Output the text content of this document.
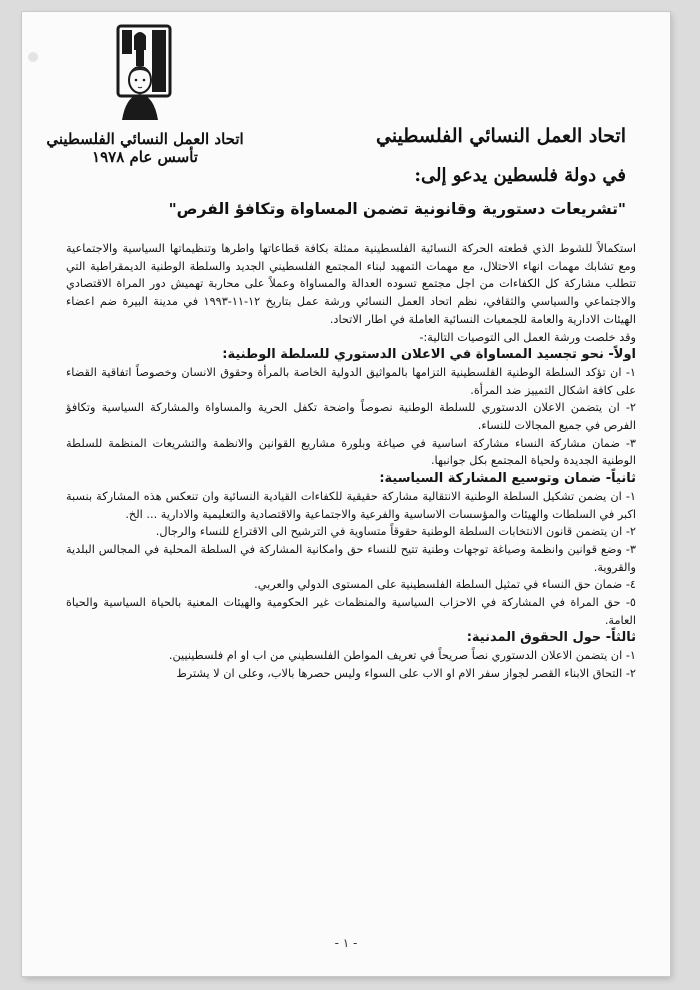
اتحاد العمل النسائي الفلسطيني
تأسس عام ١٩٧٨
اتحاد العمل النسائي الفلسطيني
في دولة فلسطين يدعو إلى:
"تشريعات دستورية وقانونية تضمن المساواة وتكافؤ الفرص"

استكمالاً للشوط الذي قطعته الحركة النسائية الفلسطينية ممثلة بكافة قطاعاتها واطرها وتنظيماتها السياسية والاجتماعية ومع تشابك مهمات انهاء الاحتلال، مع مهمات التمهيد لبناء المجتمع الفلسطيني الجديد والسلطة الوطنية الديمقراطية التي تتطلب مشاركة كل الكفاءات من اجل مجتمع تسوده العدالة والمساواة وعملاً على محاربة تهميش دور المراة الاقتصادي والاجتماعي والسياسي والثقافي، نظم اتحاد العمل النسائي ورشة عمل بتاريخ ١٢-١١-١٩٩٣ في مدينة البيرة ضم اعضاء الهيئات الادارية والعامة للجمعيات النسائية العاملة في اطار الاتحاد.

وقد خلصت ورشة العمل الى التوصيات التالية:-

اولاً- نحو تجسيد المساواة في الاعلان الدستوري للسلطة الوطنية:

١- ان تؤكد السلطة الوطنية الفلسطينية التزامها بالمواثيق الدولية الخاصة بالمرأة وحقوق الانسان وخصوصاً اتفاقية القضاء على كافة اشكال التمييز ضد المرأة.

٢- ان يتضمن الاعلان الدستوري للسلطة الوطنية نصوصاً واضحة تكفل الحرية والمساواة والمشاركة السياسية وتكافؤ الفرص في جميع المجالات للنساء.

٣- ضمان مشاركة النساء مشاركة اساسية في صياغة وبلورة مشاريع القوانين والانظمة والتشريعات المنظمة للسلطة الوطنية الجديدة ولحياة المجتمع بكل جوانبها.

ثانياً- ضمان وتوسيع المشاركة السياسية:

١- ان يضمن تشكيل السلطة الوطنية الانتقالية مشاركة حقيقية للكفاءات القيادية النسائية وان تنعكس هذه المشاركة بنسبة اكبر في السلطات والهيئات والمؤسسات الاساسية والفرعية والاجتماعية والاقتصادية والتعليمية والادارية ... الخ.

٢- ان يتضمن قانون الانتخابات السلطة الوطنية حقوقاً متساوية في الترشيح الى الاقتراع للنساء والرجال.

٣- وضع قوانين وانظمة وصياغة توجهات وطنية تتيح للنساء حق وامكانية المشاركة في السلطة المحلية في المجالس البلدية والقروية.

٤- ضمان حق النساء في تمثيل السلطة الفلسطينية على المستوى الدولي والعربي.

٥- حق المراة في المشاركة في الاحزاب السياسية والمنظمات غير الحكومية والهيئات المعنية بالحياة السياسية والحياة العامة.

ثالثاً- حول الحقوق المدنية:

١- ان يتضمن الاعلان الدستوري نصاً صريحاً في تعريف المواطن الفلسطيني من اب او ام فلسطينيين.

٢- التحاق الابناء القصر لجواز سفر الام او الاب على السواء وليس حصرها بالاب، وعلى ان لا يشترط

- ١ -
